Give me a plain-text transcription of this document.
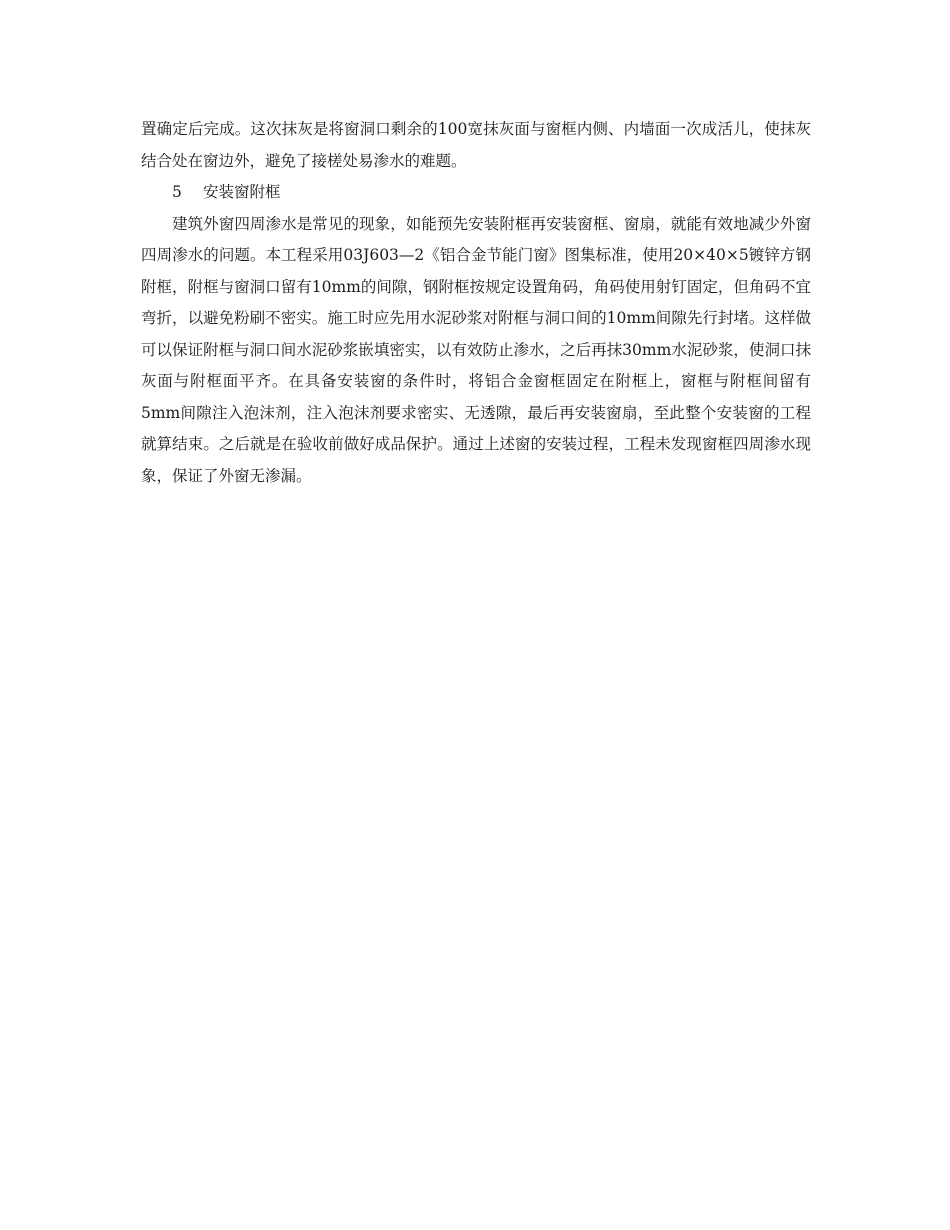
置确定后完成。这次抹灰是将窗洞口剩余的100宽抹灰面与窗框内侧、内墙面一次成活儿，使抹灰结合处在窗边外，避免了接槎处易渗水的难题。

5 安装窗附框

建筑外窗四周渗水是常见的现象，如能预先安装附框再安装窗框、窗扇，就能有效地减少外窗四周渗水的问题。本工程采用03J603—2《铝合金节能门窗》图集标准，使用20×40×5镀锌方钢附框，附框与窗洞口留有10mm的间隙，钢附框按规定设置角码，角码使用射钉固定，但角码不宜弯折，以避免粉刷不密实。施工时应先用水泥砂浆对附框与洞口间的10mm间隙先行封堵。这样做可以保证附框与洞口间水泥砂浆嵌填密实，以有效防止渗水，之后再抹30mm水泥砂浆，使洞口抹灰面与附框面平齐。在具备安装窗的条件时，将铝合金窗框固定在附框上，窗框与附框间留有5mm间隙注入泡沫剂，注入泡沫剂要求密实、无透隙，最后再安装窗扇，至此整个安装窗的工程就算结束。之后就是在验收前做好成品保护。通过上述窗的安装过程，工程未发现窗框四周渗水现象，保证了外窗无渗漏。
